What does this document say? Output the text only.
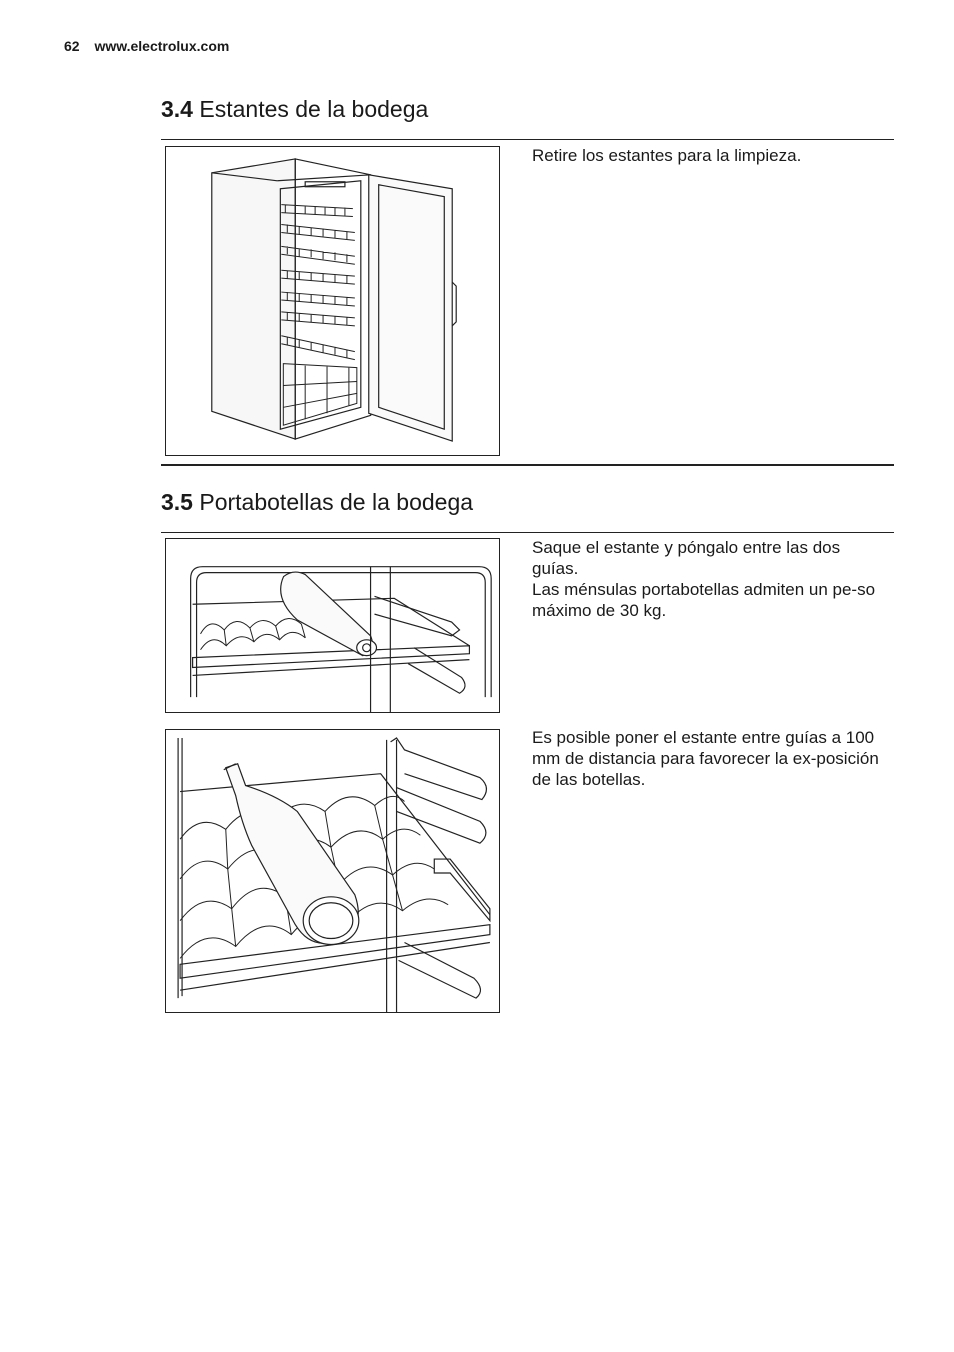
62 www.electrolux.com
3.4 Estantes de la bodega

Retire los estantes para la limpieza.

3.5 Portabotellas de la bodega

Saque el estante y póngalo entre las dos guías.

Las ménsulas portabotellas admiten un pe-so máximo de 30 kg.

Es posible poner el estante entre guías a 100 mm de distancia para favorecer la ex-posición de las botellas.
